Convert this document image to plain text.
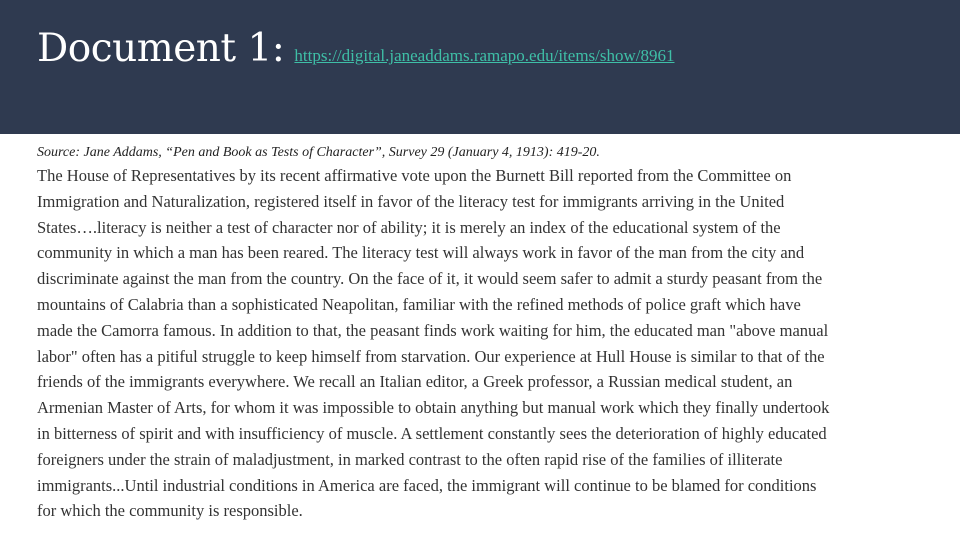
Document 1: https://digital.janeaddams.ramapo.edu/items/show/8961

Source: Jane Addams, “Pen and Book as Tests of Character”, Survey 29 (January 4, 1913): 419-20.

The House of Representatives by its recent affirmative vote upon the Burnett Bill reported from the Committee on
Immigration and Naturalization, registered itself in favor of the literacy test for immigrants arriving in the United
States….literacy is neither a test of character nor of ability; it is merely an index of the educational system of the
community in which a man has been reared. The literacy test will always work in favor of the man from the city and
discriminate against the man from the country. On the face of it, it would seem safer to admit a sturdy peasant from the
mountains of Calabria than a sophisticated Neapolitan, familiar with the refined methods of police graft which have
made the Camorra famous. In addition to that, the peasant finds work waiting for him, the educated man "above manual
labor" often has a pitiful struggle to keep himself from starvation. Our experience at Hull House is similar to that of the
friends of the immigrants everywhere. We recall an Italian editor, a Greek professor, a Russian medical student, an
Armenian Master of Arts, for whom it was impossible to obtain anything but manual work which they finally undertook
in bitterness of spirit and with insufficiency of muscle. A settlement constantly sees the deterioration of highly educated
foreigners under the strain of maladjustment, in marked contrast to the often rapid rise of the families of illiterate
immigrants...Until industrial conditions in America are faced, the immigrant will continue to be blamed for conditions
for which the community is responsible.
